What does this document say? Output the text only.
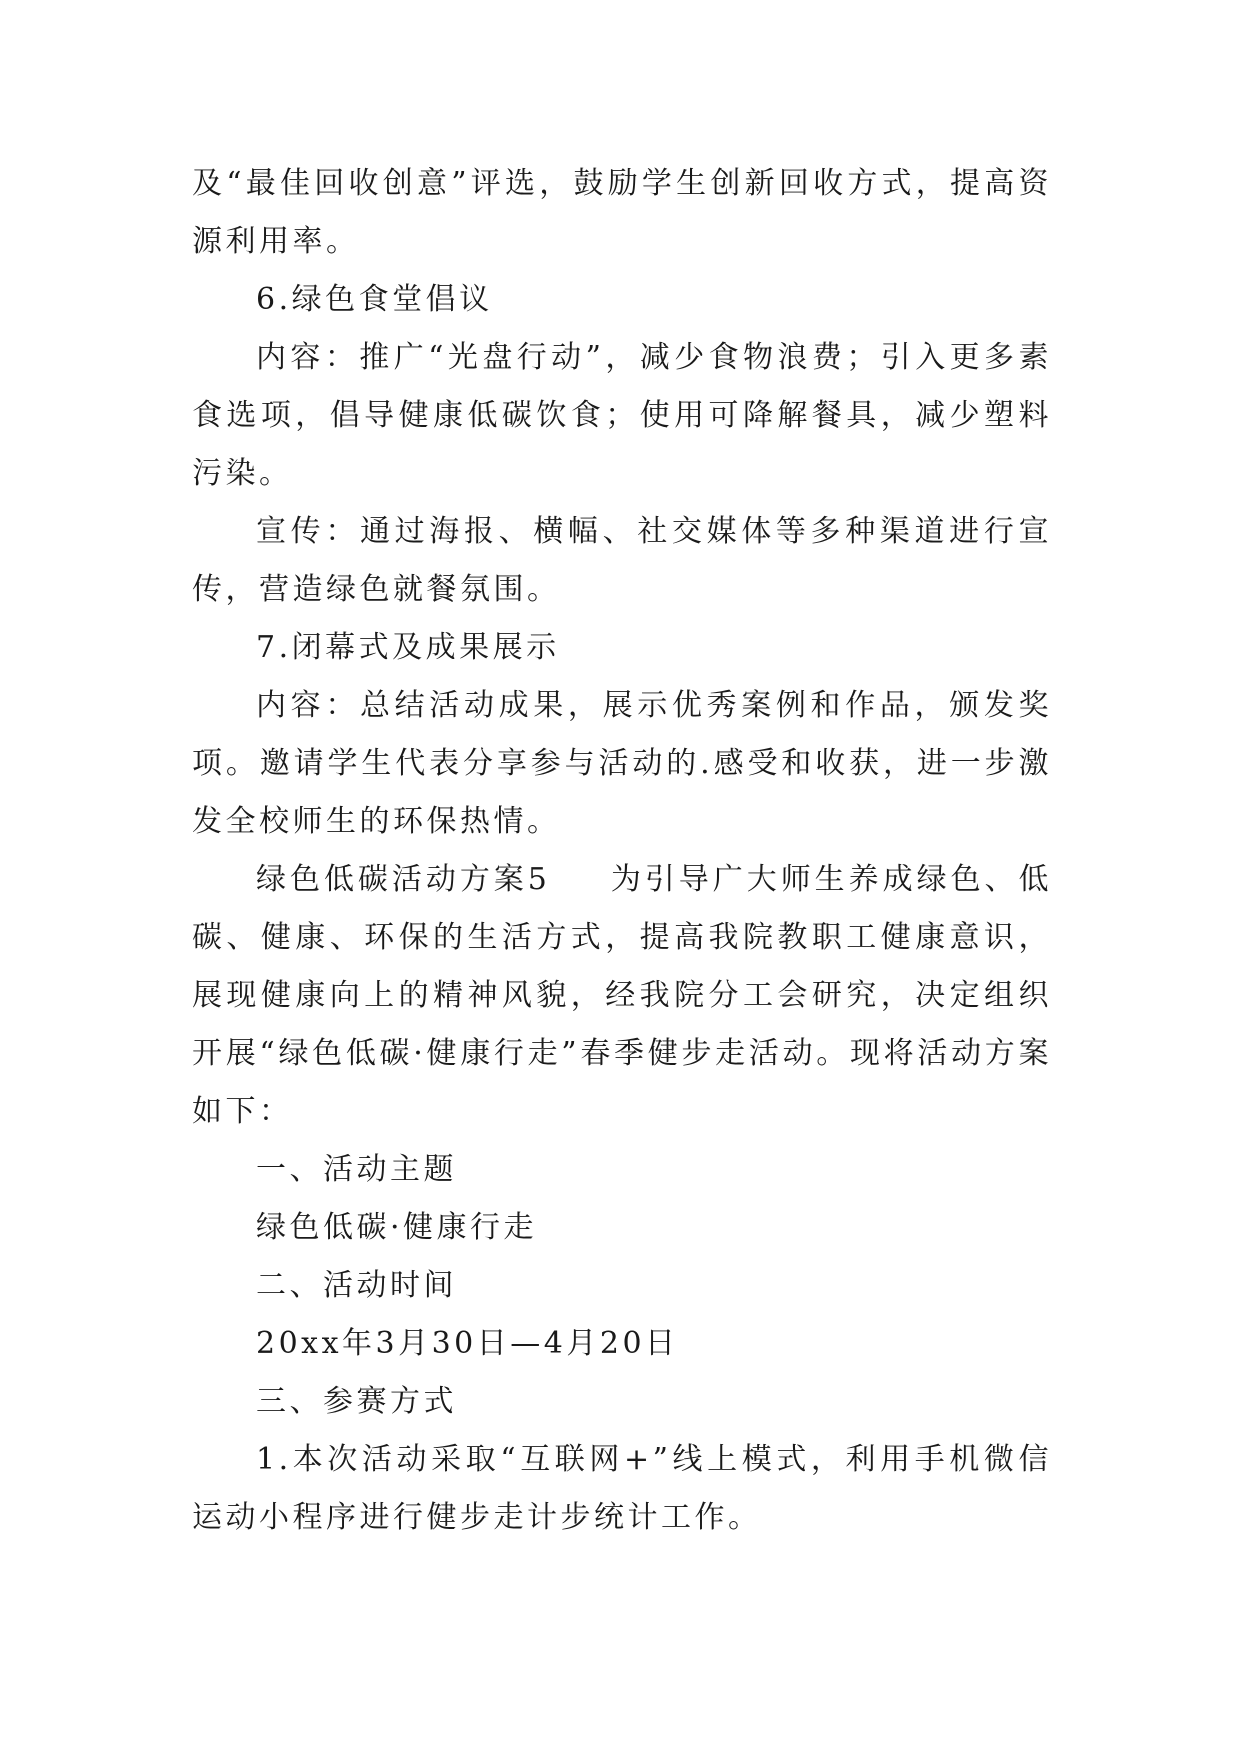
及“最佳回收创意”评选，鼓励学生创新回收方式，提高资源利用率。

6.绿色食堂倡议

内容：推广“光盘行动”，减少食物浪费；引入更多素食选项，倡导健康低碳饮食；使用可降解餐具，减少塑料污染。

宣传：通过海报、横幅、社交媒体等多种渠道进行宣传，营造绿色就餐氛围。

7.闭幕式及成果展示

内容：总结活动成果，展示优秀案例和作品，颁发奖项。邀请学生代表分享参与活动的.感受和收获，进一步激发全校师生的环保热情。

绿色低碳活动方案5 为引导广大师生养成绿色、低碳、健康、环保的生活方式，提高我院教职工健康意识，展现健康向上的精神风貌，经我院分工会研究，决定组织开展“绿色低碳·健康行走”春季健步走活动。现将活动方案如下：

一、活动主题

绿色低碳·健康行走

二、活动时间

20xx年3月30日—4月20日

三、参赛方式

1.本次活动采取“互联网+”线上模式，利用手机微信运动小程序进行健步走计步统计工作。
